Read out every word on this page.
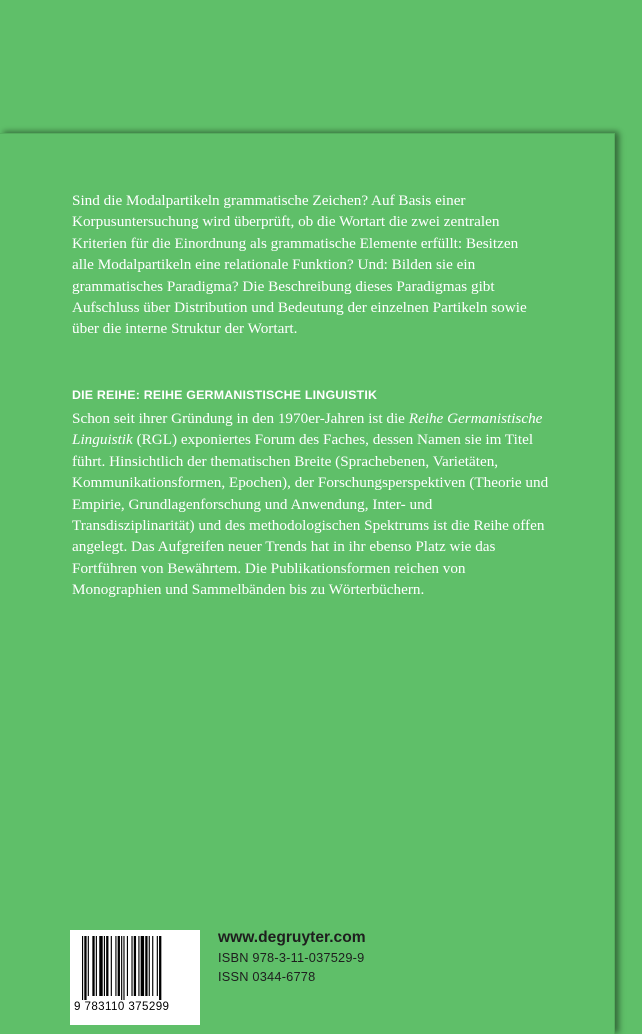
Sind die Modalpartikeln grammatische Zeichen? Auf Basis einer Korpusuntersuchung wird überprüft, ob die Wortart die zwei zentralen Kriterien für die Einordnung als grammatische Elemente erfüllt: Besitzen alle Modalpartikeln eine relationale Funktion? Und: Bilden sie ein grammatisches Paradigma? Die Beschreibung dieses Paradigmas gibt Aufschluss über Distribution und Bedeutung der einzelnen Partikeln sowie über die interne Struktur der Wortart.

DIE REIHE: REIHE GERMANISTISCHE LINGUISTIK

Schon seit ihrer Gründung in den 1970er-Jahren ist die Reihe Germanistische Linguistik (RGL) exponiertes Forum des Faches, dessen Namen sie im Titel führt. Hinsichtlich der thematischen Breite (Sprachebenen, Varietäten, Kommunikationsformen, Epochen), der Forschungsperspektiven (Theorie und Empirie, Grundlagenforschung und Anwendung, Inter- und Transdisziplinarität) und des methodologischen Spektrums ist die Reihe offen angelegt. Das Aufgreifen neuer Trends hat in ihr ebenso Platz wie das Fortführen von Bewährtem. Die Publikationsformen reichen von Monographien und Sammelbänden bis zu Wörterbüchern.

9 783110 375299
www.degruyter.com
ISBN 978-3-11-037529-9
ISSN 0344-6778
